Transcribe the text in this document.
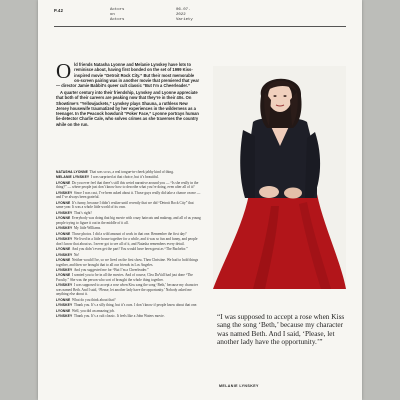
P.42	Actors
on
Actors
06.07.
2022
Variety
O ld friends Natasha Lyonne and Melanie Lynskey have lots to reminisce about, having first bonded on the set of 1999 Kiss-inspired movie “Detroit Rock City.” But their most memorable on-screen pairing was in another movie that premiered that year — director Jamie Babbit’s queer cult classic “But I’m a Cheerleader.”

A quarter century into their friendship, Lynskey and Lyonne appreciate that both of their careers are peaking now that they’re in their 40s. On Showtime’s “Yellowjackets,” Lynskey plays Shauna, a ruthless New Jersey housewife traumatized by her experiences in the wilderness as a teenager. In the Peacock howdunit “Poker Face,” Lyonne portrays human lie-detector Charlie Cale, who solves crimes as she traverses the country while on the run.

NATASHA LYONNE That was so us, a real tongue-in-cheek jabby kind of thing.

MELANIE LYNSKEY I was surprised at that choice, but it’s beautiful.

LYONNE Do you ever feel that there’s still this weird narrative around you — “Is she really in the thing?” — where people just don’t know how to describe what you’re doing, even after all of it?

LYNSKEY Since I was cast, I’ve been asked about it. Those guys really did take a chance on me — and I’ve always been grateful.

LYONNE It’s funny, because I didn’t realize until recently that we did “Detroit Rock City” that same year. It was a whole little world of its own.

LYNSKEY That’s right!

LYONNE Everybody was doing that big movie with crazy haircuts and makeup, and all of us young people trying to figure it out in the middle of it all.

LYNSKEY My little Williams.

LYONNE Those photos. I did a wild amount of work in that one. Remember the first day?

LYNSKEY We lived in a little house together for a while, and it was so fun and funny, and people don’t know that about us. I never got to see all of it, and Natasha remembers every detail.

LYONNE And you didn’t even get the part! You would have been great as “The Bachelor.”

LYNSKEY No!

LYONNE Neither would I be, so we lived on the first show. Then Christine. We had to hold things together, and then we brought that to all our friends in Los Angeles.

LYNSKEY And you suggested me for “But I’m a Cheerleader.”

LYONNE I wanted you to be in all the movies. And of course, Clea DuVall had just done “The Faculty.” She was the person who sort of brought the whole thing together.

LYNSKEY I was supposed to accept a rose when Kiss sang the song ‘Beth,’ because my character was named Beth. And I said, ‘Please, let another lady have the opportunity.’ Nobody asked me anything else about it.

LYONNE What do you think about that?

LYNSKEY Thank you. It’s a silly thing, but it’s ours. I don’t know if people know about that one.

LYONNE Well, you did an amazing job.

LYNSKEY Thank you. It’s a cult classic. It feels like a John Waters movie.	“I was supposed to accept a rose when Kiss sang the song ‘Beth,’ because my character was named Beth. And I said, ‘Please, let another lady have the opportunity.’”

MELANIE LYNSKEY
